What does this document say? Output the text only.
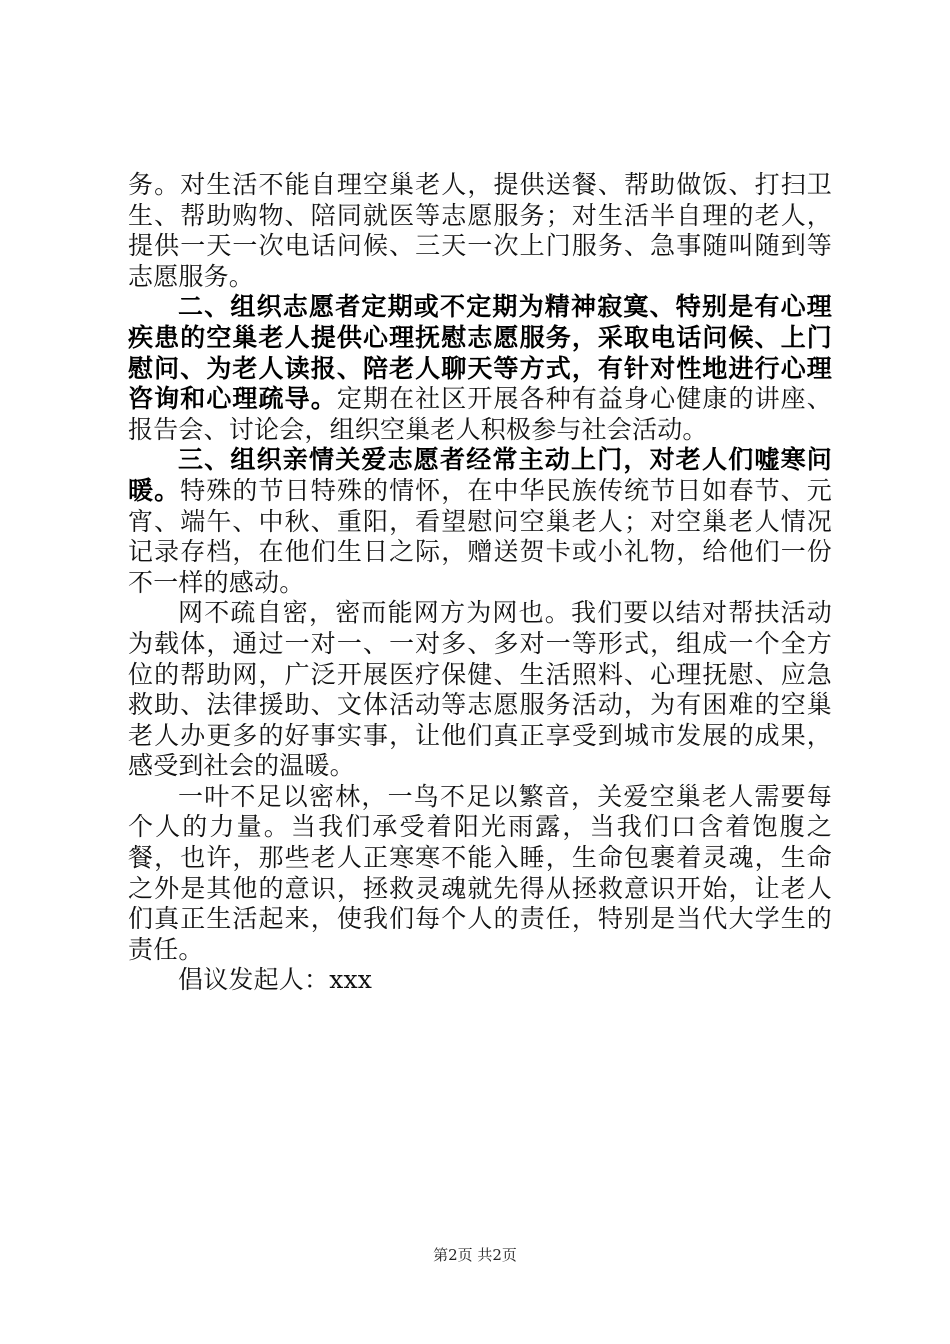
务。对生活不能自理空巢老人，提供送餐、帮助做饭、打扫卫生、帮助购物、陪同就医等志愿服务；对生活半自理的老人，提供一天一次电话问候、三天一次上门服务、急事随叫随到等志愿服务。

二、组织志愿者定期或不定期为精神寂寞、特别是有心理疾患的空巢老人提供心理抚慰志愿服务，采取电话问候、上门慰问、为老人读报、陪老人聊天等方式，有针对性地进行心理咨询和心理疏导。定期在社区开展各种有益身心健康的讲座、报告会、讨论会，组织空巢老人积极参与社会活动。

三、组织亲情关爱志愿者经常主动上门，对老人们嘘寒问暖。特殊的节日特殊的情怀，在中华民族传统节日如春节、元宵、端午、中秋、重阳，看望慰问空巢老人；对空巢老人情况记录存档，在他们生日之际，赠送贺卡或小礼物，给他们一份不一样的感动。

网不疏自密，密而能网方为网也。我们要以结对帮扶活动为载体，通过一对一、一对多、多对一等形式，组成一个全方位的帮助网，广泛开展医疗保健、生活照料、心理抚慰、应急救助、法律援助、文体活动等志愿服务活动，为有困难的空巢老人办更多的好事实事，让他们真正享受到城市发展的成果，感受到社会的温暖。

一叶不足以密林，一鸟不足以繁音，关爱空巢老人需要每个人的力量。当我们承受着阳光雨露，当我们口含着饱腹之餐，也许，那些老人正寒寒不能入睡，生命包裹着灵魂，生命之外是其他的意识，拯救灵魂就先得从拯救意识开始，让老人们真正生活起来，使我们每个人的责任，特别是当代大学生的责任。

倡议发起人：xxx

第2页 共2页
